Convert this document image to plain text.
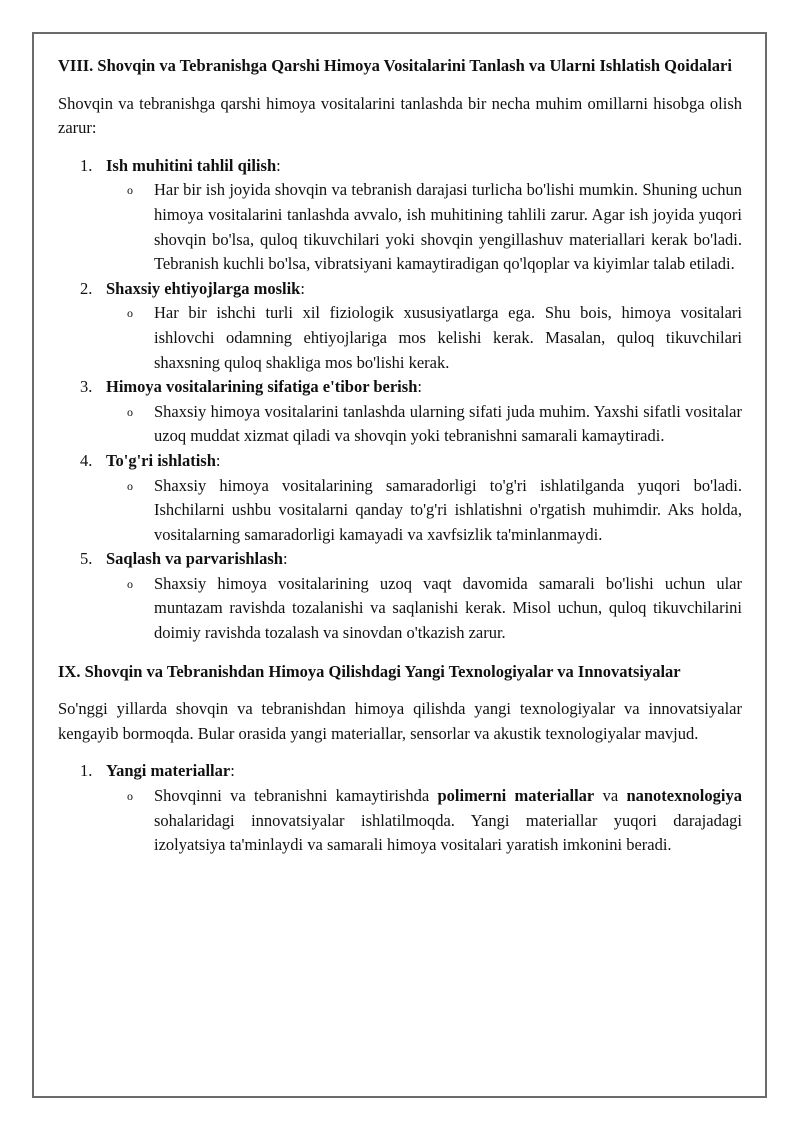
VIII. Shovqin va Tebranishga Qarshi Himoya Vositalarini Tanlash va Ularni Ishlatish Qoidalari

Shovqin va tebranishga qarshi himoya vositalarini tanlashda bir necha muhim omillarni hisobga olish zarur:

1. Ish muhitini tahlil qilish:
o Har bir ish joyida shovqin va tebranish darajasi turlicha bo'lishi mumkin. Shuning uchun himoya vositalarini tanlashda avvalo, ish muhitining tahlili zarur. Agar ish joyida yuqori shovqin bo'lsa, quloq tikuvchilari yoki shovqin yengillashuv materiallari kerak bo'ladi. Tebranish kuchli bo'lsa, vibratsiyani kamaytiradigan qo'lqoplar va kiyimlar talab etiladi.
2. Shaxsiy ehtiyojlarga moslik:
o Har bir ishchi turli xil fiziologik xususiyatlarga ega. Shu bois, himoya vositalari ishlovchi odamning ehtiyojlariga mos kelishi kerak. Masalan, quloq tikuvchilari shaxsning quloq shakliga mos bo'lishi kerak.
3. Himoya vositalarining sifatiga e'tibor berish:
o Shaxsiy himoya vositalarini tanlashda ularning sifati juda muhim. Yaxshi sifatli vositalar uzoq muddat xizmat qiladi va shovqin yoki tebranishni samarali kamaytiradi.
4. To'g'ri ishlatish:
o Shaxsiy himoya vositalarining samaradorligi to'g'ri ishlatilganda yuqori bo'ladi. Ishchilarni ushbu vositalarni qanday to'g'ri ishlatishni o'rgatish muhimdir. Aks holda, vositalarning samaradorligi kamayadi va xavfsizlik ta'minlanmaydi.
5. Saqlash va parvarishlash:
o Shaxsiy himoya vositalarining uzoq vaqt davomida samarali bo'lishi uchun ular muntazam ravishda tozalanishi va saqlanishi kerak. Misol uchun, quloq tikuvchilarini doimiy ravishda tozalash va sinovdan o'tkazish zarur.
IX. Shovqin va Tebranishdan Himoya Qilishdagi Yangi Texnologiyalar va Innovatsiyalar

So'nggi yillarda shovqin va tebranishdan himoya qilishda yangi texnologiyalar va innovatsiyalar kengayib bormoqda. Bular orasida yangi materiallar, sensorlar va akustik texnologiyalar mavjud.

1. Yangi materiallar:
o Shovqinni va tebranishni kamaytirishda polimerni materiallar va nanotexnologiya sohalaridagi innovatsiyalar ishlatilmoqda. Yangi materiallar yuqori darajadagi izolyatsiya ta'minlaydi va samarali himoya vositalari yaratish imkonini beradi.
